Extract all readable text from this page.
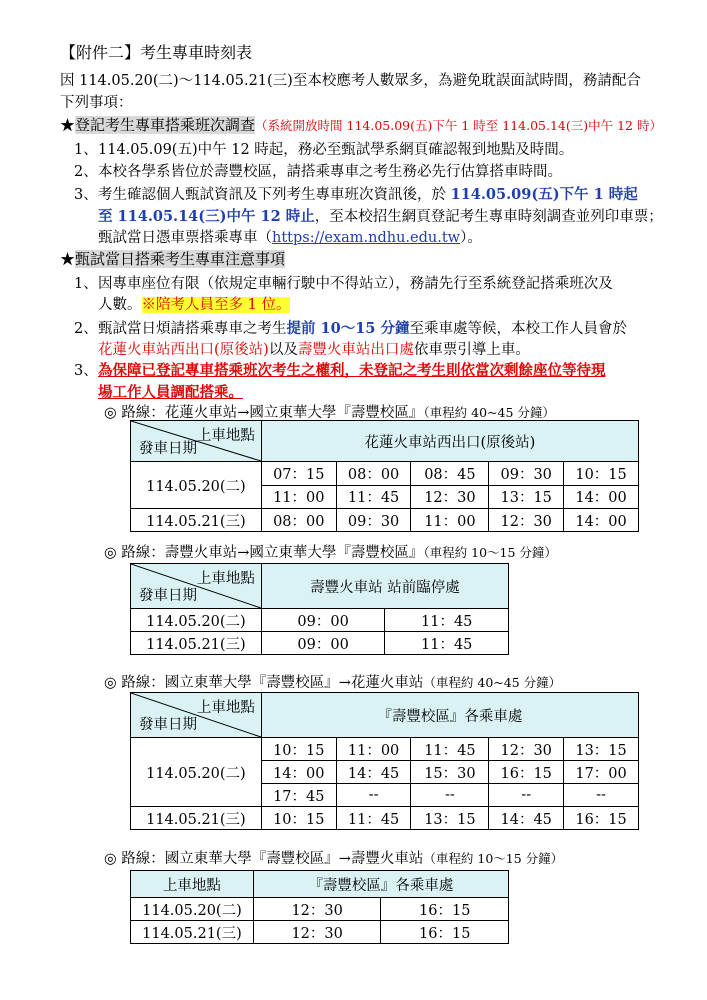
【附件二】考生專車時刻表
因 114.05.20(二)～114.05.21(三)至本校應考人數眾多，為避免耽誤面試時間，務請配合
下列事項：
★登記考生專車搭乘班次調查（系統開放時間 114.05.09(五)下午 1 時至 114.05.14(三)中午 12 時）
1、114.05.09(五)中午 12 時起，務必至甄試學系網頁確認報到地點及時間。
2、本校各學系皆位於壽豐校區，請搭乘專車之考生務必先行估算搭車時間。
3、考生確認個人甄試資訊及下列考生專車班次資訊後，於 114.05.09(五)下午 1 時起
至 114.05.14(三)中午 12 時止，至本校招生網頁登記考生專車時刻調查並列印車票；
甄試當日憑車票搭乘專車（https://exam.ndhu.edu.tw）。
★甄試當日搭乘考生專車注意事項
1、因專車座位有限（依規定車輛行駛中不得站立），務請先行至系統登記搭乘班次及
人數。※陪考人員至多 1 位。
2、甄試當日煩請搭乘專車之考生提前 10～15 分鐘至乘車處等候，本校工作人員會於
花蓮火車站西出口(原後站)以及壽豐火車站出口處依車票引導上車。
3、為保障已登記專車搭乘班次考生之權利，未登記之考生則依當次剩餘座位等待現
場工作人員調配搭乘。
◎ 路線：花蓮火車站→國立東華大學『壽豐校區』（車程約 40~45 分鐘）
上車地點
發車日期	花蓮火車站西出口(原後站)				
114.05.20(二)	07：15	08：00	08：45	09：30	10：15
	11：00	11：45	12：30	13：15	14：00
114.05.21(三)	08：00	09：30	11：00	12：30	14：00
◎ 路線：壽豐火車站→國立東華大學『壽豐校區』（車程約 10～15 分鐘）
上車地點
發車日期	壽豐火車站 站前臨停處	
114.05.20(二)	09：00	11：45
114.05.21(三)	09：00	11：45
◎ 路線：國立東華大學『壽豐校區』→花蓮火車站（車程約 40~45 分鐘）
上車地點
發車日期	『壽豐校區』各乘車處				
114.05.20(二)	10：15	11：00	11：45	12：30	13：15
	14：00	14：45	15：30	16：15	17：00
	17：45	--	--	--	--
114.05.21(三)	10：15	11：45	13：15	14：45	16：15
◎ 路線：國立東華大學『壽豐校區』→壽豐火車站（車程約 10～15 分鐘）
上車地點	『壽豐校區』各乘車處	
114.05.20(二)	12：30	16：15
114.05.21(三)	12：30	16：15
